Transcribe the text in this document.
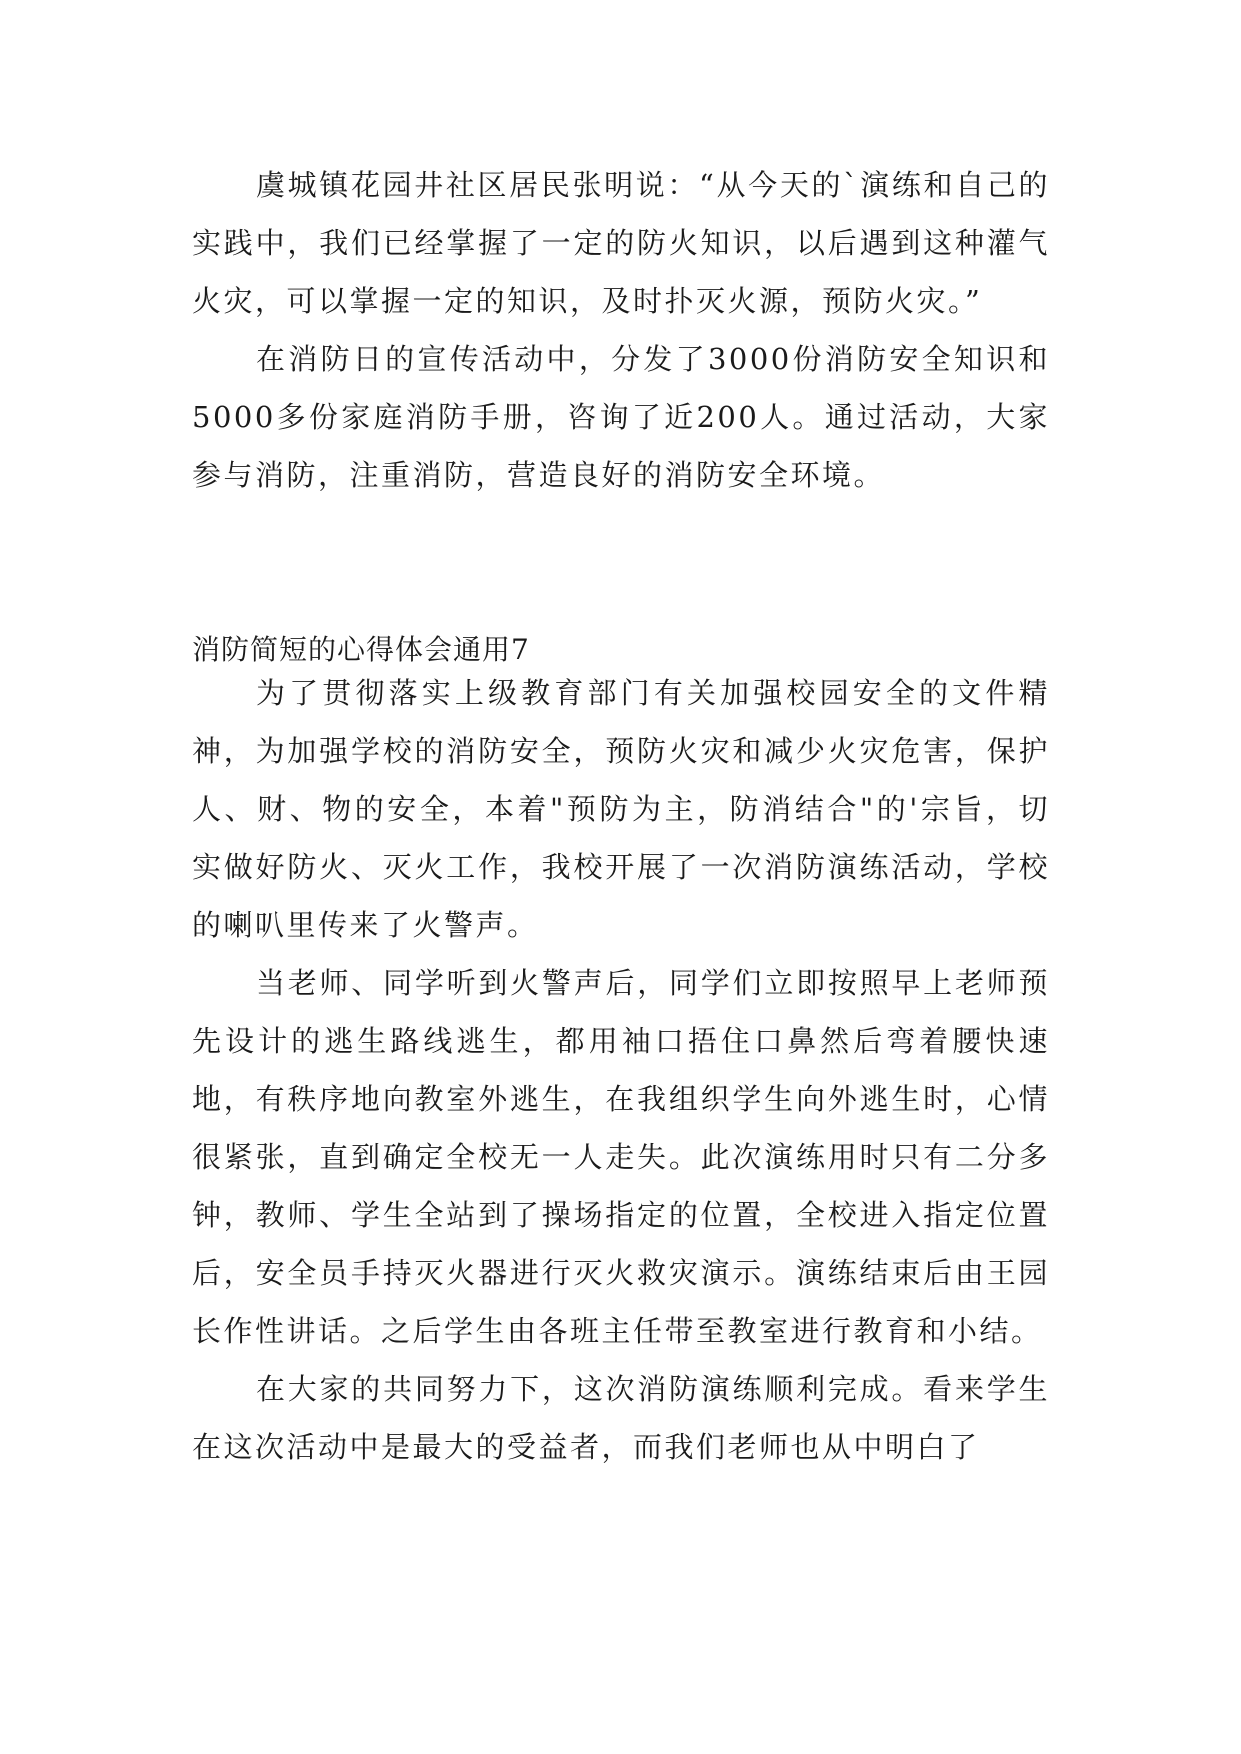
虞城镇花园井社区居民张明说：“从今天的`演练和自己的实践中，我们已经掌握了一定的防火知识，以后遇到这种灌气火灾，可以掌握一定的知识，及时扑灭火源，预防火灾。”

在消防日的宣传活动中，分发了3000份消防安全知识和5000多份家庭消防手册，咨询了近200人。通过活动，大家参与消防，注重消防，营造良好的消防安全环境。

消防简短的心得体会通用7

为了贯彻落实上级教育部门有关加强校园安全的文件精神，为加强学校的消防安全，预防火灾和减少火灾危害，保护人、财、物的安全，本着"预防为主，防消结合"的'宗旨，切实做好防火、灭火工作，我校开展了一次消防演练活动，学校的喇叭里传来了火警声。

当老师、同学听到火警声后，同学们立即按照早上老师预先设计的逃生路线逃生，都用袖口捂住口鼻然后弯着腰快速地，有秩序地向教室外逃生，在我组织学生向外逃生时，心情很紧张，直到确定全校无一人走失。此次演练用时只有二分多钟，教师、学生全站到了操场指定的位置，全校进入指定位置后，安全员手持灭火器进行灭火救灾演示。演练结束后由王园长作性讲话。之后学生由各班主任带至教室进行教育和小结。

在大家的共同努力下，这次消防演练顺利完成。看来学生在这次活动中是最大的受益者，而我们老师也从中明白了
